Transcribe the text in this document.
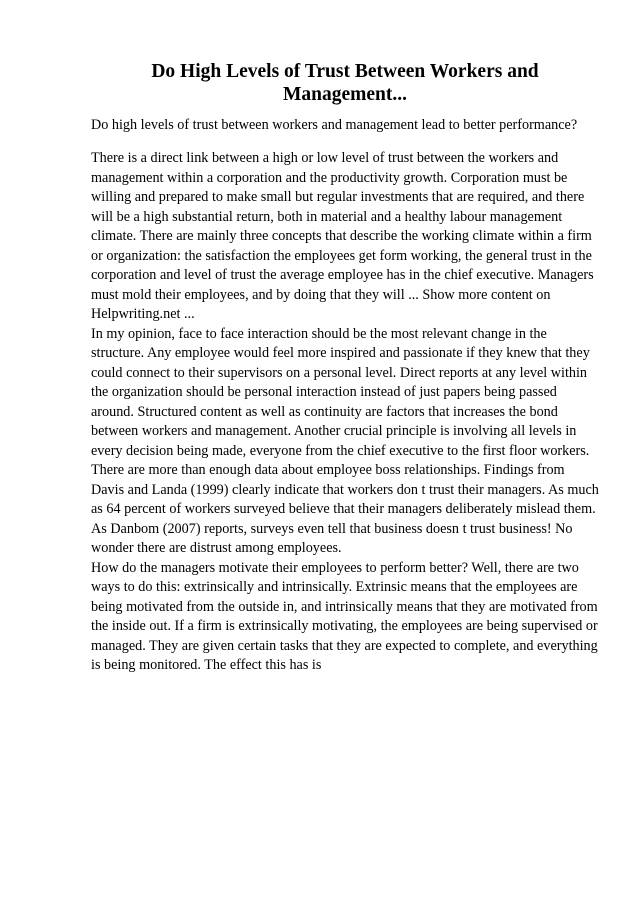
Do High Levels of Trust Between Workers and Management...

Do high levels of trust between workers and management lead to better performance?

There is a direct link between a high or low level of trust between the workers and management within a corporation and the productivity growth. Corporation must be willing and prepared to make small but regular investments that are required, and there will be a high substantial return, both in material and a healthy labour management climate. There are mainly three concepts that describe the working climate within a firm or organization: the satisfaction the employees get form working, the general trust in the corporation and level of trust the average employee has in the chief executive. Managers must mold their employees, and by doing that they will ... Show more content on Helpwriting.net ...

In my opinion, face to face interaction should be the most relevant change in the structure. Any employee would feel more inspired and passionate if they knew that they could connect to their supervisors on a personal level. Direct reports at any level within the organization should be personal interaction instead of just papers being passed around. Structured content as well as continuity are factors that increases the bond between workers and management. Another crucial principle is involving all levels in every decision being made, everyone from the chief executive to the first floor workers.

There are more than enough data about employee boss relationships. Findings from Davis and Landa (1999) clearly indicate that workers don t trust their managers. As much as 64 percent of workers surveyed believe that their managers deliberately mislead them. As Danbom (2007) reports, surveys even tell that business doesn t trust business! No wonder there are distrust among employees.

How do the managers motivate their employees to perform better? Well, there are two ways to do this: extrinsically and intrinsically. Extrinsic means that the employees are being motivated from the outside in, and intrinsically means that they are motivated from the inside out. If a firm is extrinsically motivating, the employees are being supervised or managed. They are given certain tasks that they are expected to complete, and everything is being monitored. The effect this has is
